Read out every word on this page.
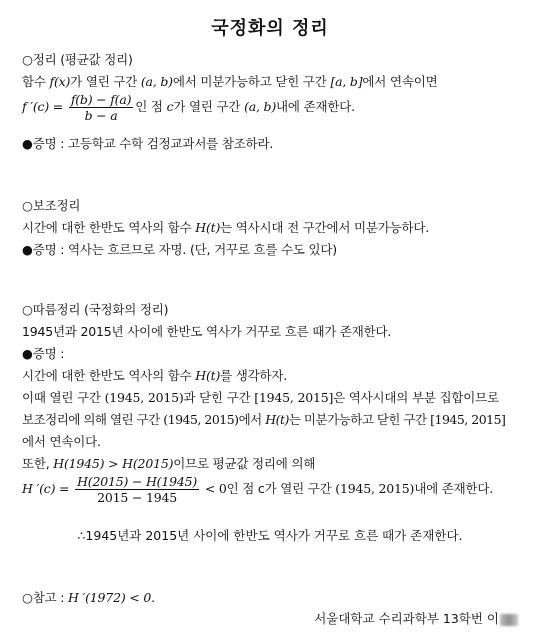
국정화의 정리
○정리 (평균값 정리)
함수 f(x)가 열린 구간 (a, b)에서 미분가능하고 닫힌 구간 [a, b]에서 연속이면
f $'(c) = \frac{f(b) - f(a)}{b - a}$ 인 점 c가 열린 구간 (a, b)내에 존재한다.
●증명 : 고등학교 수학 검정교과서를 참조하라.
○보조정리
시간에 대한 한반도 역사의 함수 H(t)는 역사시대 전 구간에서 미분가능하다.
●증명 : 역사는 흐르므로 자명. (단, 거꾸로 흐를 수도 있다)
○따름정리 (국정화의 정리)
1945년과 2015년 사이에 한반도 역사가 거꾸로 흐른 때가 존재한다.
●증명 :
시간에 대한 한반도 역사의 함수 H(t)를 생각하자.
이때 열린 구간 (1945, 2015)과 닫힌 구간 [1945, 2015]은 역사시대의 부분 집합이므로
보조정리에 의해 열린 구간 (1945, 2015)에서 H(t)는 미분가능하고 닫힌 구간 [1945, 2015]
에서 연속이다.
또한, H(1945) > H(2015)이므로 평균값 정리에 의해
H $'(c) = \frac{H(2015) - H(1945)}{2015 - 1945} < 0$인 점 c가 열린 구간 (1945, 2015)내에 존재한다.
∴1945년과 2015년 사이에 한반도 역사가 거꾸로 흐른 때가 존재한다.
○참고 : H ′(1972) < 0.
서울대학교 수리과학부 13학번 이
